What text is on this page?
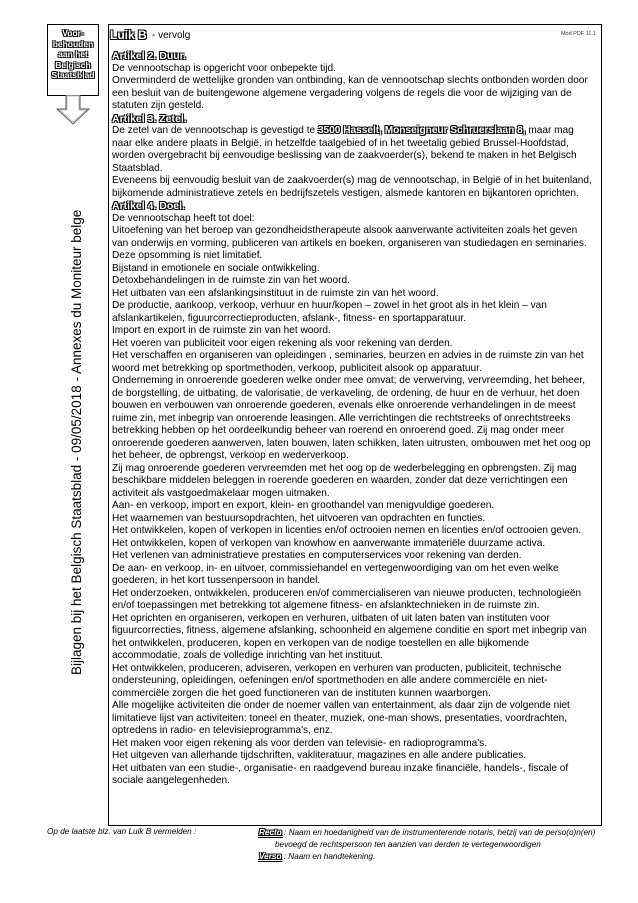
Voor-
behouden
aan het
Belgisch
Staatsblad
Bijlagen bij het Belgisch Staatsblad - 09/05/2018 - Annexes du Moniteur belge
Luik B - vervolg	Mod PDF 11.1

Artikel 2. Duur.

De vennootschap is opgericht voor onbepekte tijd.

Onverminderd de wettelijke gronden van ontbinding, kan de vennootschap slechts ontbonden worden door een besluit van de buitengewone algemene vergadering volgens de regels die voor de wijziging van de statuten zijn gesteld.

Artikel 3. Zetel.

De zetel van de vennootschap is gevestigd te 3500 Hasselt, Monseigneur Schruerslaan 8, maar mag naar elke andere plaats in België, in hetzelfde taalgebied of in het tweetalig gebied Brussel-Hoofdstad, worden overgebracht bij eenvoudige beslissing van de zaakvoerder(s), bekend te maken in het Belgisch Staatsblad.

Eveneens bij eenvoudig besluit van de zaakvoerder(s) mag de vennootschap, in België of in het buitenland, bijkomende administratieve zetels en bedrijfszetels vestigen, alsmede kantoren en bijkantoren oprichten.

Artikel 4. Doel.

De vennootschap heeft tot doel:

Uitoefening van het beroep van gezondheidstherapeute alsook aanverwante activiteiten zoals het geven van onderwijs en vorming, publiceren van artikels en boeken, organiseren van studiedagen en seminaries. Deze opsomming is niet limitatief.

Bijstand in emotionele en sociale ontwikkeling.

Detoxbehandelingen in de ruimste zin van het woord.

Het uitbaten van een afslankingsinstituut in de ruimste zin van het woord.

De productie, aankoop, verkoop, verhuur en huur/kopen – zowel in het groot als in het klein – van afslankartikelen, figuurcorrectieproducten, afslank-, fitness- en sportapparatuur.

Import en export in de ruimste zin van het woord.

Het voeren van publiciteit voor eigen rekening als voor rekening van derden.

Het verschaffen en organiseren van opleidingen , seminaries, beurzen en advies in de ruimste zin van het woord met betrekking op sportmethoden, verkoop, publiciteit alsook op apparatuur.

Onderneming in onroerende goederen welke onder mee omvat; de verwerving, vervreemding, het beheer, de borgstelling, de uitbating, de valorisatie, de verkaveling, de ordening, de huur en de verhuur, het doen bouwen en verbouwen van onroerende goederen, evenals elke onroerende verhandelingen in de meest ruime zin, met inbegrip van onroerende leasingen. Alle verrichtingen die rechtstreeks of onrechtstreeks betrekking hebben op het oordeelkundig beheer van roerend en onroerend goed. Zij mag onder meer onroerende goederen aanwerven, laten bouwen, laten schikken, laten uitrusten, ombouwen met het oog op het beheer, de opbrengst, verkoop en wederverkoop.

Zij mag onroerende goederen vervreemden met het oog op de wederbelegging en opbrengsten. Zij mag beschikbare middelen beleggen in roerende goederen en waarden, zonder dat deze verrichtingen een activiteit als vastgoedmakelaar mogen uitmaken.

Aan- en verkoop, import en export, klein- en groothandel van menigvuldige goederen.

Het waarnemen van bestuursopdrachten, het uitvoeren van opdrachten en functies.

Het ontwikkelen, kopen of verkopen in licenties en/of octrooien nemen en licenties en/of octrooien geven.

Het ontwikkelen, kopen of verkopen van knowhow en aanverwante immateriële duurzame activa.

Het verlenen van administratieve prestaties en computerservices voor rekening van derden.

De aan- en verkoop, in- en uitvoer, commissiehandel en vertegenwoordiging van om het even welke goederen, in het kort tussenpersoon in handel.

Het onderzoeken, ontwikkelen, produceren en/of commercialiseren van nieuwe producten, technologieën en/of toepassingen met betrekking tot algemene fitness- en afslanktechnieken in de ruimste zin.

Het oprichten en organiseren, verkopen en verhuren, uitbaten of uit laten baten van instituten voor figuurcorrecties, fitness, algemene afslanking, schoonheid en algemene conditie en sport met inbegrip van het ontwikkelen, produceren, kopen en verkopen van de nodige toestellen en alle bijkomende accommodatie, zoals de volledige inrichting van het instituut.

Het ontwikkelen, produceren, adviseren, verkopen en verhuren van producten, publiciteit, technische ondersteuning, opleidingen, oefeningen en/of sportmethoden en alle andere commerciële en niet-commerciële zorgen die het goed functioneren van de instituten kunnen waarborgen.

Alle mogelijke activiteiten die onder de noemer vallen van entertainment, als daar zijn de volgende niet limitatieve lijst van activiteiten: toneel en theater, muziek, one-man shows, presentaties, voordrachten, optredens in radio- en televisieprogramma's, enz.

Het maken voor eigen rekening als voor derden van televisie- en radioprogramma's.

Het uitgeven van allerhande tijdschriften, vakliteratuur, magazines en alle andere publicaties.

Het uitbaten van een studie-, organisatie- en raadgevend bureau inzake financiële, handels-, fiscale of sociale aangelegenheden.

Op de laatste blz. van Luik B vermelden :	Recto : Naam en hoedanigheid van de instrumenterende notaris, hetzij van de perso(o)n(en)
bevoegd de rechtspersoon ten aanzien van derden te vertegenwoordigen
Verso : Naam en handtekening.
